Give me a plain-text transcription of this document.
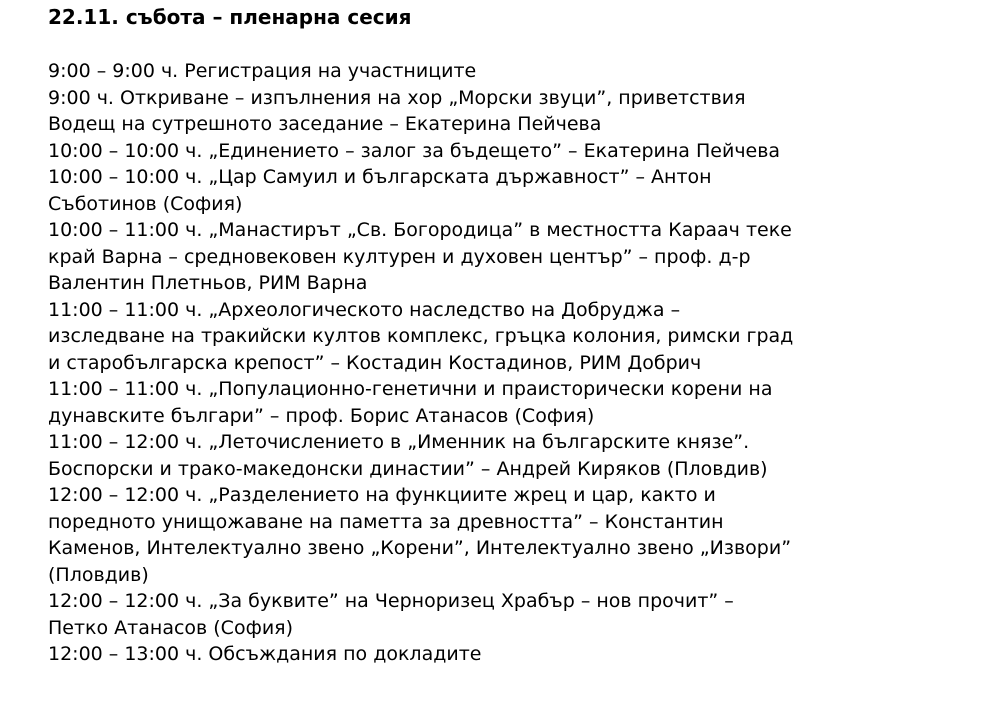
22.11. събота – пленарна сесия
9:00 – 9:00 ч. Регистрация на участниците
9:00 ч. Откриване – изпълнения на хор „Морски звуци”, приветствия
Водещ на сутрешното заседание – Екатерина Пейчева
10:00 – 10:00 ч. „Единението – залог за бъдещето” – Екатерина Пейчева
10:00 – 10:00 ч. „Цар Самуил и българската държавност” – Антон
Съботинов (София)
10:00 – 11:00 ч. „Манастирът „Св. Богородица” в местността Караач теке
край Варна – средновековен културен и духовен център” – проф. д-р
Валентин Плетньов, РИМ Варна
11:00 – 11:00 ч. „Археологическото наследство на Добруджа –
изследване на тракийски култов комплекс, гръцка колония, римски град
и старобългарска крепост” – Костадин Костадинов, РИМ Добрич
11:00 – 11:00 ч. „Популационно-генетични и праисторически корени на
дунавските българи” – проф. Борис Атанасов (София)
11:00 – 12:00 ч. „Леточислението в „Именник на българските князе”.
Боспорски и трако-македонски династии” – Андрей Киряков (Пловдив)
12:00 – 12:00 ч. „Разделението на функциите жрец и цар, както и
поредното унищожаване на паметта за древността” – Константин
Каменов, Интелектуално звено „Корени”, Интелектуално звено „Извори”
(Пловдив)
12:00 – 12:00 ч. „За буквите” на Черноризец Храбър – нов прочит” –
Петко Атанасов (София)
12:00 – 13:00 ч. Обсъждания по докладите
